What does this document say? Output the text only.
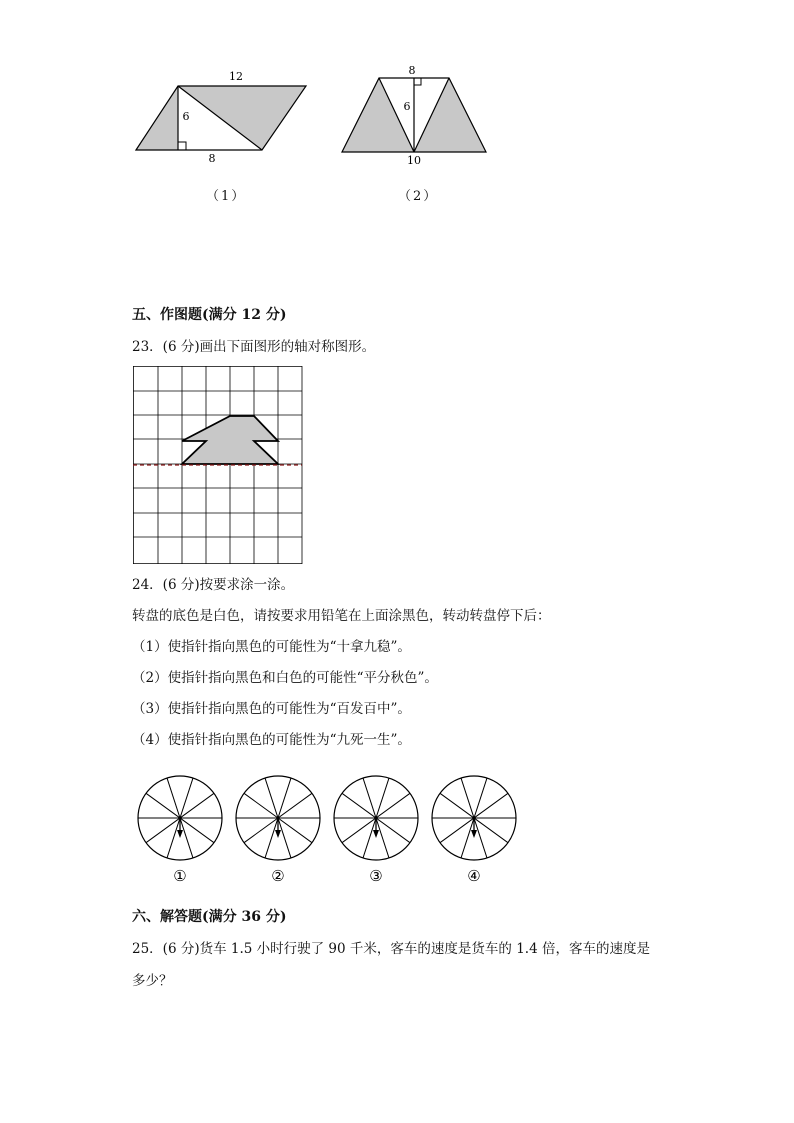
12
6
8
（1）
8
6
10
（2）
五、作图题(满分 12 分)
23．(6 分)画出下面图形的轴对称图形。
24．(6 分)按要求涂一涂。
转盘的底色是白色，请按要求用铅笔在上面涂黑色，转动转盘停下后：
（1）使指针指向黑色的可能性为“十拿九稳”。
（2）使指针指向黑色和白色的可能性“平分秋色”。
（3）使指针指向黑色的可能性为“百发百中”。
（4）使指针指向黑色的可能性为“九死一生”。
①	②	③	④
六、解答题(满分 36 分)
25．(6 分)货车 1.5 小时行驶了 90 千米，客车的速度是货车的 1.4 倍，客车的速度是
多少？
